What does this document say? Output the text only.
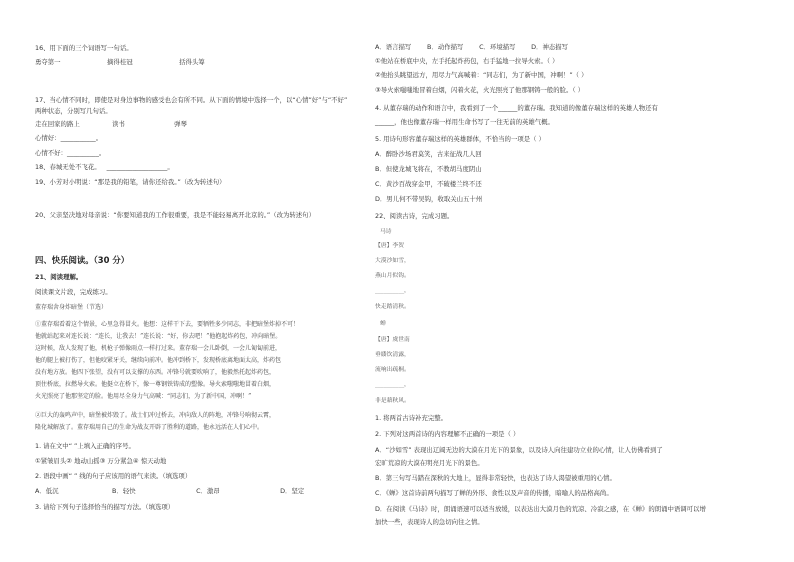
16、用下面的三个词语写一句话。
勇夺第一	摘得桂冠	括得头筹
17、当心情不同时，即使是对身边事物的感受也会有所不同。从下面的情境中选择一个，以“心情”好”与“不好”
两种状态，分别写几句话。
走在回家的路上	读书	弹琴
心情好：___________。
心情不好：__________。
18、春城无处不飞花。 ___________________。
19、小芳对小明说：“那是我的铅笔，请你还给我。”（改为转述句）
20、父亲坚决地对母亲说：“你要知道我的工作很重要，我是不能轻易离开北京的。”（改为转述句）
四、快乐阅读。（30 分）
21、阅读理解。
阅读课文片段，完成练习。
董存瑞舍身炸暗堡（节选）
①董存瑞看着这个情景，心里急得冒火。他想：这样干下去，要牺牲多少同志，非把暗堡炸掉不可！
他就站起来对连长说：“连长，让我去！”连长说：“好，你去吧！”他抱起炸药包，冲向暗堡。
这时候，敌人发现了他，机枪子弹像雨点一样打过来。董存瑞一会儿卧倒，一会儿匍匐前进，
他的腿上被打伤了，但他咬紧牙关，继续向前冲。他冲到桥下，发现桥底离地面太高，炸药包
没有地方放。他四下张望，没有可以支撑的东西。冲锋号就要吹响了，他毅然托起炸药包，
顶住桥底，拉燃导火索。他挺立在桥下，像一尊钢铁铸成的塑像。导火索嗤嗤地冒着白烟，
火光照亮了他那坚定的脸。他用尽全身力气高喊：“同志们，为了新中国，冲啊！”
②巨大的轰鸣声中，暗堡被炸毁了。战士们冲过桥去，冲向敌人的阵地，冲锋号响彻云霄，
隆化城解放了。董存瑞用自己的生命为战友开辟了胜利的道路，他永远活在人们心中。
1. 请在文中“ ”上填入正确的序号。
①紧皱眉头② 地动山摇③ 万分紧急④ 惊天动地
2. 语段中画“ ” 线的句子应该用的语气来读。（填选项）
A．低沉	B．轻快	C．激昂	D．坚定
3. 请给下列句子选择恰当的描写方法。（填选项）
A．语言描写 B．动作描写 C．环境描写 D．神态描写
①他站在桥底中央，左手托起炸药包，右手猛地一拉导火索。（ ）
②他抬头眺望远方，用尽力气高喊着：“同志们，为了新中国，冲啊！”（ ）
③导火索嗤嗤地冒着白烟，闪着火花，火光照亮了他那钢铸一般的脸。（ ）
4. 从董存瑞的动作和语言中，我看到了一个______的董存瑞。我知道的像董存瑞这样的英雄人物还有
______，他也像董存瑞一样用生命书写了一往无前的英雄气概。
5. 用诗句形容董存瑞这样的英雄群体，不恰当的一项是（ ）
A．醉卧沙场君莫笑，古来征战几人回
B．但使龙城飞将在，不教胡马度阴山
C．黄沙百战穿金甲，不破楼兰终不还
D．男儿何不带吴钩，收取关山五十州
22、阅读古诗，完成习题。
马诗
【唐】李贺
大漠沙如雪，
燕山月似钩。
__________，
快走踏清秋。
蝉
【唐】虞世南
垂緌饮清露，
流响出疏桐。
__________，
非是藉秋风。
1. 将两首古诗补充完整。
2. 下列对这两首诗的内容理解不正确的一项是（ ）
A．“沙如雪” 表现出辽阔无边的大漠在月光下的景象，以及诗人向往建功立业的心情，让人仿佛看到了
宏旷荒凉的大漠在明亮月光下的景色。
B．第三句写马踏在深秋的大地上，显得非常轻快，也表达了诗人渴望被重用的心情。
C．《蝉》这首诗前两句描写了蝉的外形、食性以及声音的传播，暗喻人的品格高尚。
D．在阅读《马诗》时，朗诵语速可以适当放缓，以表达出大漠月色的荒凉、冷寂之感，在《蝉》的朗诵中语调可以增
加快一些，表现诗人的急切向往之情。
